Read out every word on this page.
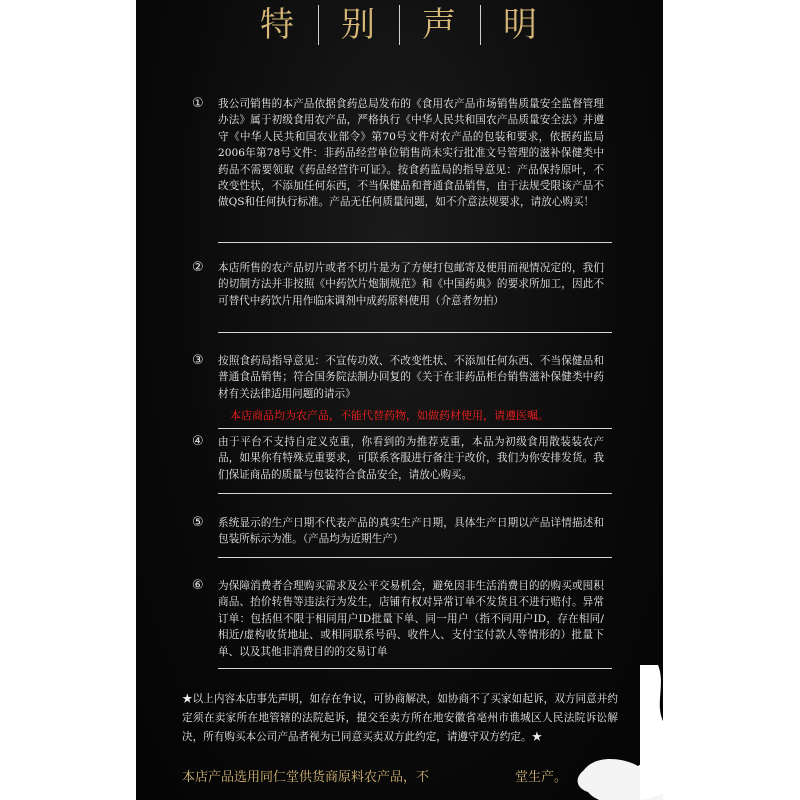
特	别	声	明
① 我公司销售的本产品依据食药总局发布的《食用农产品市场销售质量安全监督管理办法》属于初级食用农产品，严格执行《中华人民共和国农产品质量安全法》并遵守《中华人民共和国农业部令》第70号文件对农产品的包装和要求，依据药监局2006年第78号文件：非药品经营单位销售尚未实行批准文号管理的滋补保健类中药品不需要领取《药品经营许可证》。按食药监局的指导意见：产品保持原叶，不改变性状，不添加任何东西，不当保健品和普通食品销售，由于法规受限该产品不做QS和任何执行标准。产品无任何质量问题，如不介意法规要求，请放心购买！
② 本店所售的农产品切片或者不切片是为了方便打包邮寄及使用而视情况定的，我们的切制方法并非按照《中药饮片炮制规范》和《中国药典》的要求所加工，因此不可替代中药饮片用作临床调剂中成药原料使用（介意者勿拍）
③ 按照食药局指导意见：不宣传功效、不改变性状、不添加任何东西、不当保健品和普通食品销售；符合国务院法制办回复的《关于在非药品柜台销售滋补保健类中药材有关法律适用问题的请示》
本店商品均为农产品，不能代替药物，如做药材使用，请遵医嘱。
④ 由于平台不支持自定义克重，你看到的为推荐克重，本品为初级食用散装装农产品，如果你有特殊克重要求，可联系客服进行备注于改价，我们为你安排发货。我们保证商品的质量与包装符合食品安全，请放心购买。
⑤ 系统显示的生产日期不代表产品的真实生产日期，具体生产日期以产品详情描述和包装所标示为准。（产品均为近期生产）
⑥ 为保障消费者合理购买需求及公平交易机会，避免因非生活消费目的的购买或囤积商品、抬价转售等违法行为发生，店铺有权对异常订单不发货且不进行赔付。异常订单：包括但不限于相同用户ID批量下单、同一用户（指不同用户ID，存在相同/相近/虚构收货地址、或相同联系号码、收件人、支付宝付款人等情形的）批量下单、以及其他非消费目的的交易订单
★以上内容本店事先声明，如存在争议，可协商解决，如协商不了买家如起诉，双方同意并约定须在卖家所在地管辖的法院起诉，提交至卖方所在地安徽省亳州市谯城区人民法院诉讼解决，所有购买本公司产品者视为已同意买卖双方此约定，请遵守双方约定。★
本店产品选用同仁堂供货商原料农产品，不	堂生产。
